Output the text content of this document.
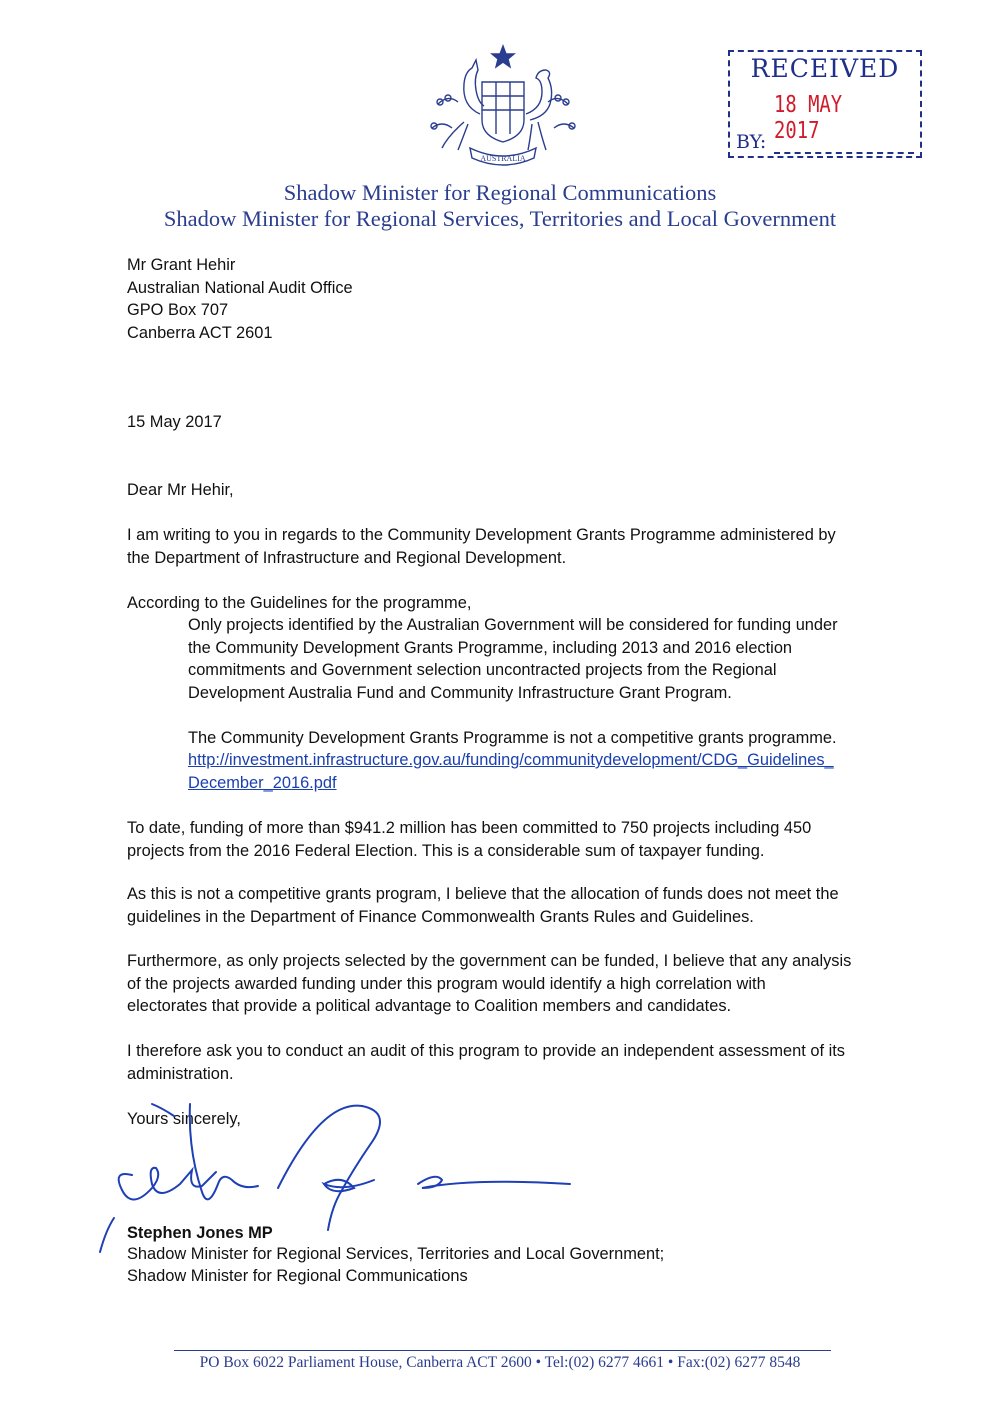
AUSTRALIA
RECEIVED
18 MAY 2017
BY:
Shadow Minister for Regional Communications
Shadow Minister for Regional Services, Territories and Local Government
Mr Grant Hehir
Australian National Audit Office
GPO Box 707
Canberra ACT 2601
15 May 2017
Dear Mr Hehir,
I am writing to you in regards to the Community Development Grants Programme administered by
the Department of Infrastructure and Regional Development.
According to the Guidelines for the programme,
Only projects identified by the Australian Government will be considered for funding under
the Community Development Grants Programme, including 2013 and 2016 election
commitments and Government selection uncontracted projects from the Regional
Development Australia Fund and Community Infrastructure Grant Program.
The Community Development Grants Programme is not a competitive grants programme.
http://investment.infrastructure.gov.au/funding/communitydevelopment/CDG_Guidelines_
December_2016.pdf
To date, funding of more than $941.2 million has been committed to 750 projects including 450
projects from the 2016 Federal Election. This is a considerable sum of taxpayer funding.
As this is not a competitive grants program, I believe that the allocation of funds does not meet the
guidelines in the Department of Finance Commonwealth Grants Rules and Guidelines.
Furthermore, as only projects selected by the government can be funded, I believe that any analysis
of the projects awarded funding under this program would identify a high correlation with
electorates that provide a political advantage to Coalition members and candidates.
I therefore ask you to conduct an audit of this program to provide an independent assessment of its
administration.
Yours sincerely,
Stephen Jones MP
Shadow Minister for Regional Services, Territories and Local Government;
Shadow Minister for Regional Communications
PO Box 6022 Parliament House, Canberra ACT 2600 • Tel:(02) 6277 4661 • Fax:(02) 6277 8548
